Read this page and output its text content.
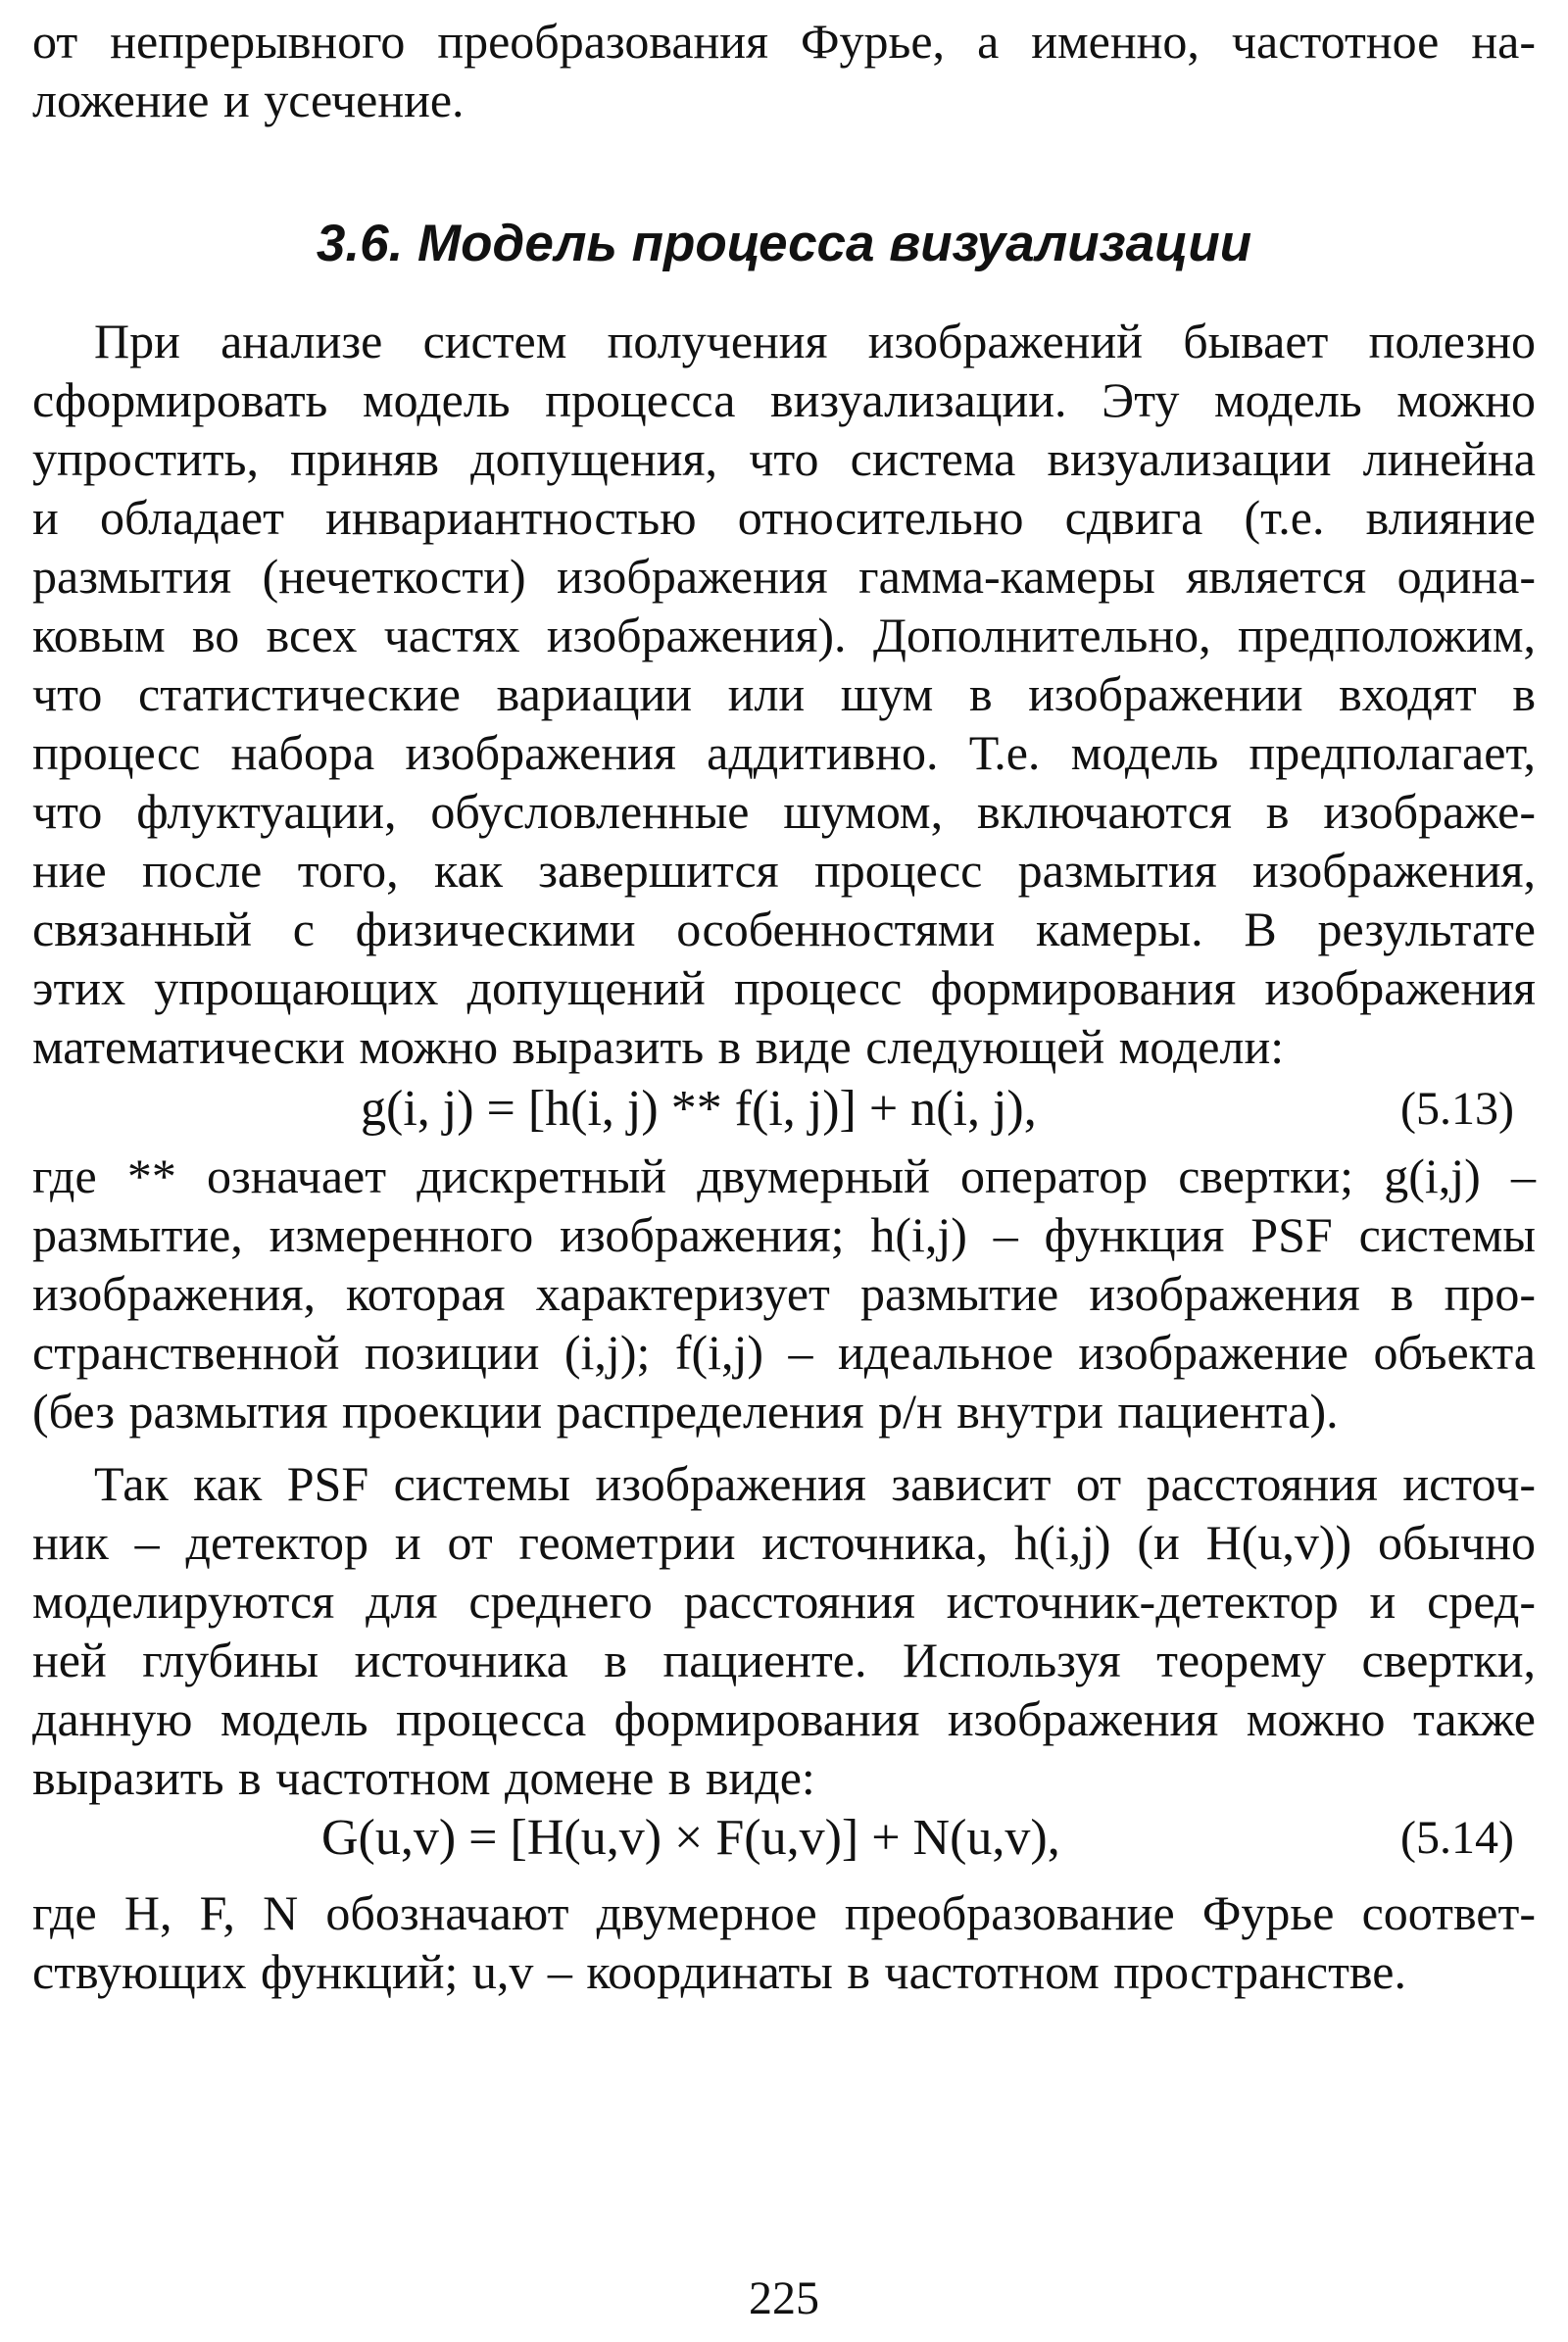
от непрерывного преобразования Фурье, а именно, частотное на-

ложение и усечение.

3.6. Модель процесса визуализации

При анализе систем получения изображений бывает полезно

сформировать модель процесса визуализации. Эту модель можно

упростить, приняв допущения, что система визуализации линейна

и обладает инвариантностью относительно сдвига (т.е. влияние

размытия (нечеткости) изображения гамма-камеры является одина-

ковым во всех частях изображения). Дополнительно, предположим,

что статистические вариации или шум в изображении входят в

процесс набора изображения аддитивно. Т.е. модель предполагает,

что флуктуации, обусловленные шумом, включаются в изображе-

ние после того, как завершится процесс размытия изображения,

связанный с физическими особенностями камеры. В результате

этих упрощающих допущений процесс формирования изображения

математически можно выразить в виде следующей модели:

g(i, j) = [h(i, j) ** f(i, j)] + n(i, j),	(5.13)

где ** означает дискретный двумерный оператор свертки; g(i,j) –

размытие, измеренного изображения; h(i,j) – функция PSF системы

изображения, которая характеризует размытие изображения в про-

странственной позиции (i,j); f(i,j) – идеальное изображение объекта

(без размытия проекции распределения р/н внутри пациента).

Так как PSF системы изображения зависит от расстояния источ-

ник – детектор и от геометрии источника, h(i,j) (и H(u,v)) обычно

моделируются для среднего расстояния источник-детектор и сред-

ней глубины источника в пациенте. Используя теорему свертки,

данную модель процесса формирования изображения можно также

выразить в частотном домене в виде:

G(u,v) = [H(u,v) × F(u,v)] + N(u,v),	(5.14)

где H, F, N обозначают двумерное преобразование Фурье соответ-

ствующих функций; u,v – координаты в частотном пространстве.

225
